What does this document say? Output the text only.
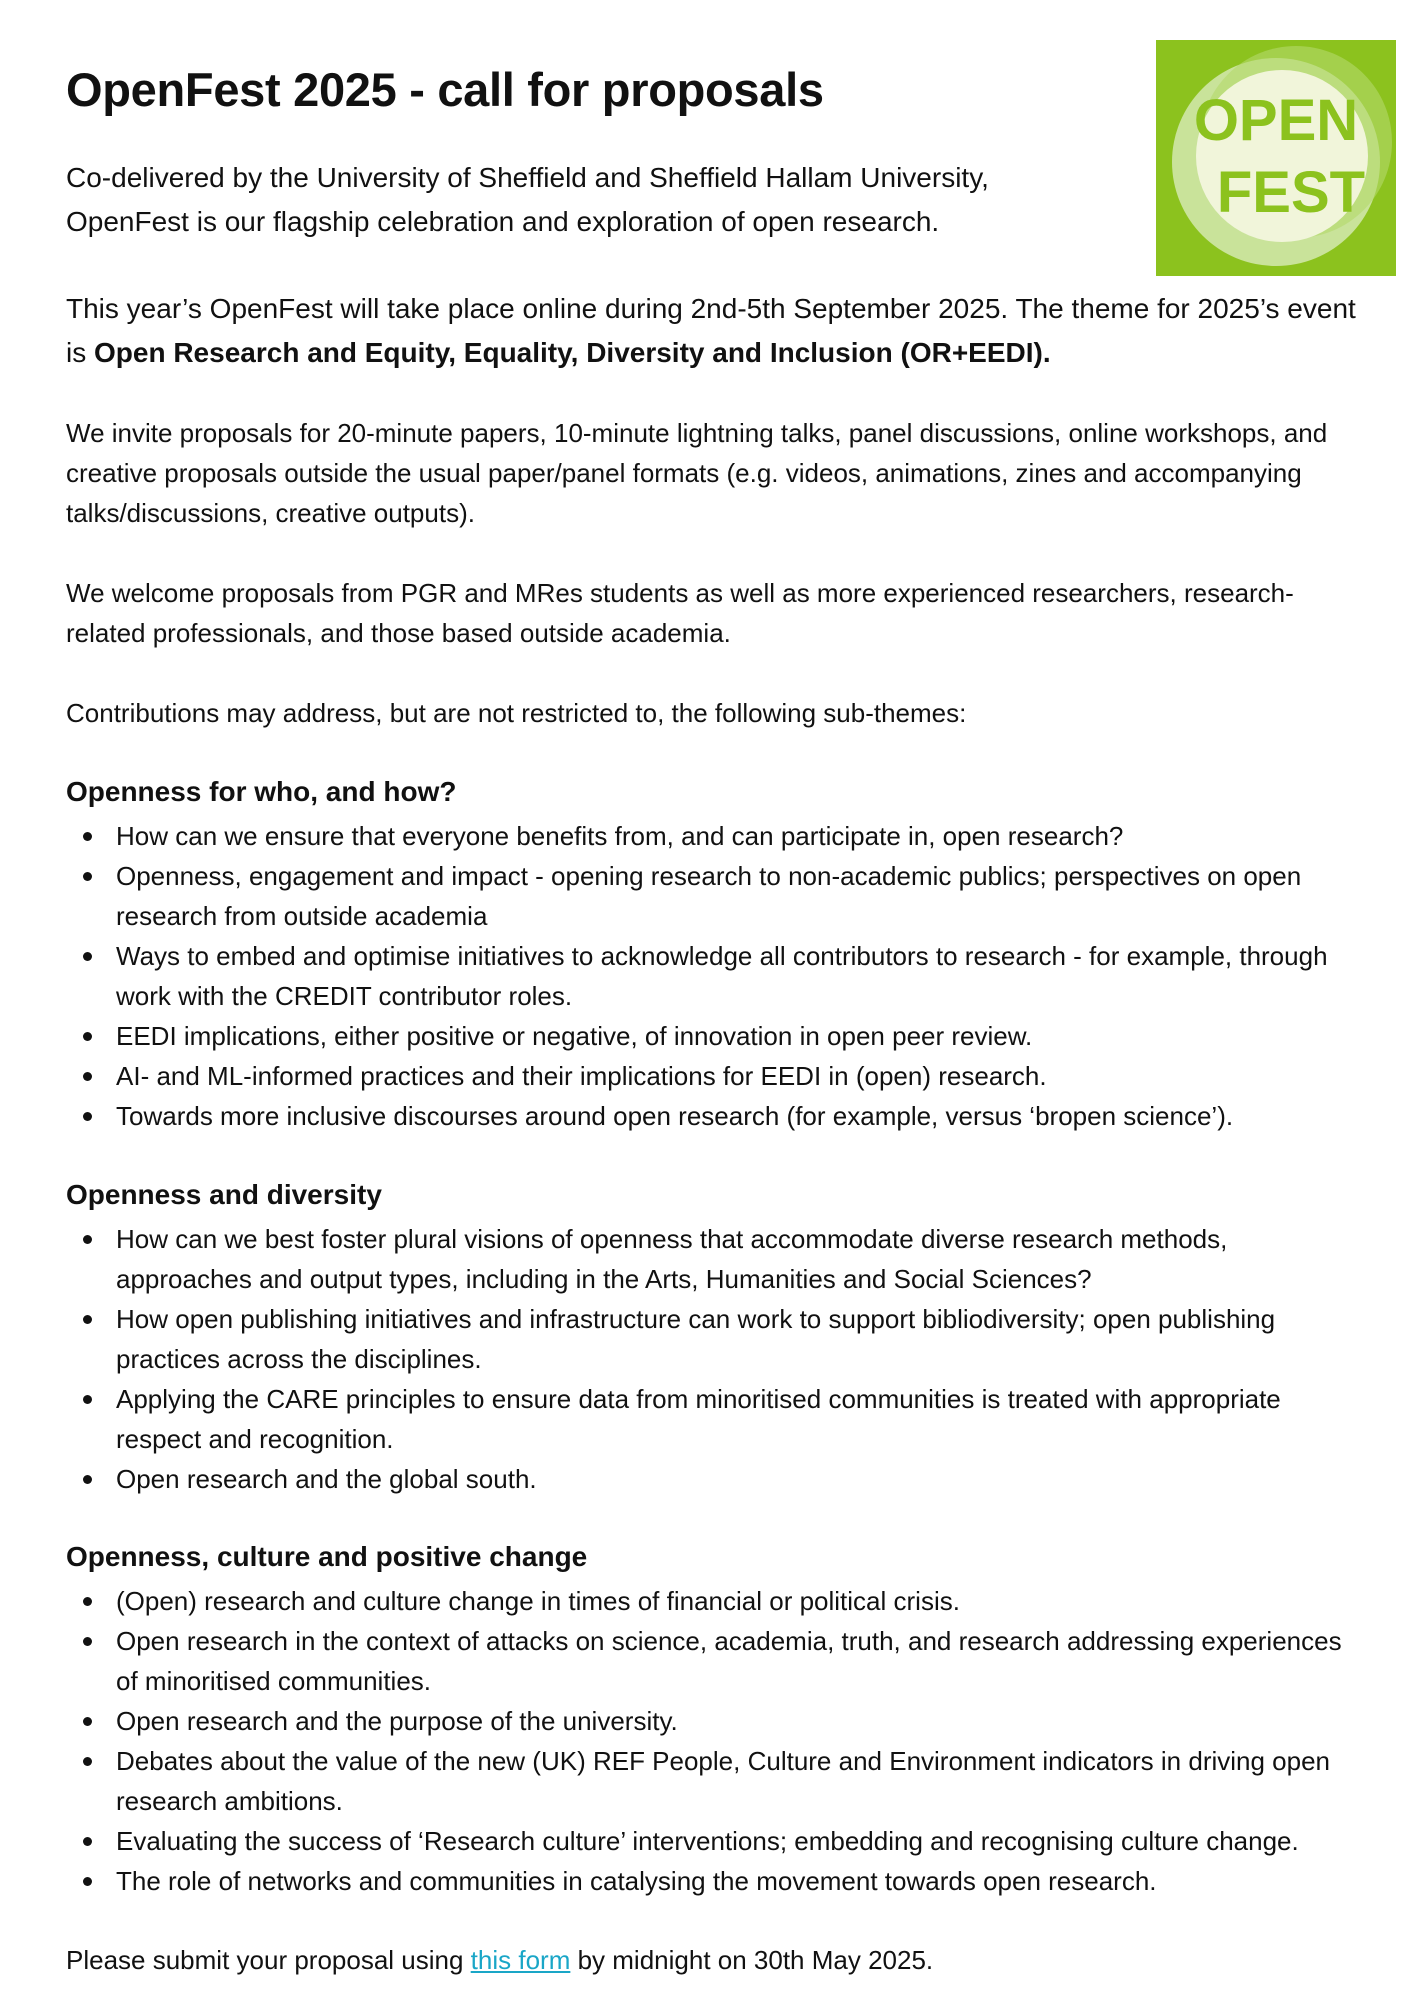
OpenFest 2025 - call for proposals

Co-delivered by the University of Sheffield and Sheffield Hallam University, OpenFest is our flagship celebration and exploration of open research.

OPEN
FEST

This year’s OpenFest will take place online during 2nd-5th September 2025. The theme for 2025’s event is Open Research and Equity, Equality, Diversity and Inclusion (OR+EEDI).

We invite proposals for 20-minute papers, 10-minute lightning talks, panel discussions, online workshops, and creative proposals outside the usual paper/panel formats (e.g. videos, animations, zines and accompanying talks/discussions, creative outputs).

We welcome proposals from PGR and MRes students as well as more experienced researchers, research-related professionals, and those based outside academia.

Contributions may address, but are not restricted to, the following sub-themes:

Openness for who, and how?
How can we ensure that everyone benefits from, and can participate in, open research?
Openness, engagement and impact - opening research to non-academic publics; perspectives on open research from outside academia
Ways to embed and optimise initiatives to acknowledge all contributors to research - for example, through work with the CREDIT contributor roles.
EEDI implications, either positive or negative, of innovation in open peer review.
AI- and ML-informed practices and their implications for EEDI in (open) research.
Towards more inclusive discourses around open research (for example, versus ‘bropen science’).
Openness and diversity
How can we best foster plural visions of openness that accommodate diverse research methods, approaches and output types, including in the Arts, Humanities and Social Sciences?
How open publishing initiatives and infrastructure can work to support bibliodiversity; open publishing practices across the disciplines.
Applying the CARE principles to ensure data from minoritised communities is treated with appropriate respect and recognition.
Open research and the global south.
Openness, culture and positive change
(Open) research and culture change in times of financial or political crisis.
Open research in the context of attacks on science, academia, truth, and research addressing experiences of minoritised communities.
Open research and the purpose of the university.
Debates about the value of the new (UK) REF People, Culture and Environment indicators in driving open research ambitions.
Evaluating the success of ‘Research culture’ interventions; embedding and recognising culture change.
The role of networks and communities in catalysing the movement towards open research.

Please submit your proposal using this form by midnight on 30th May 2025.
